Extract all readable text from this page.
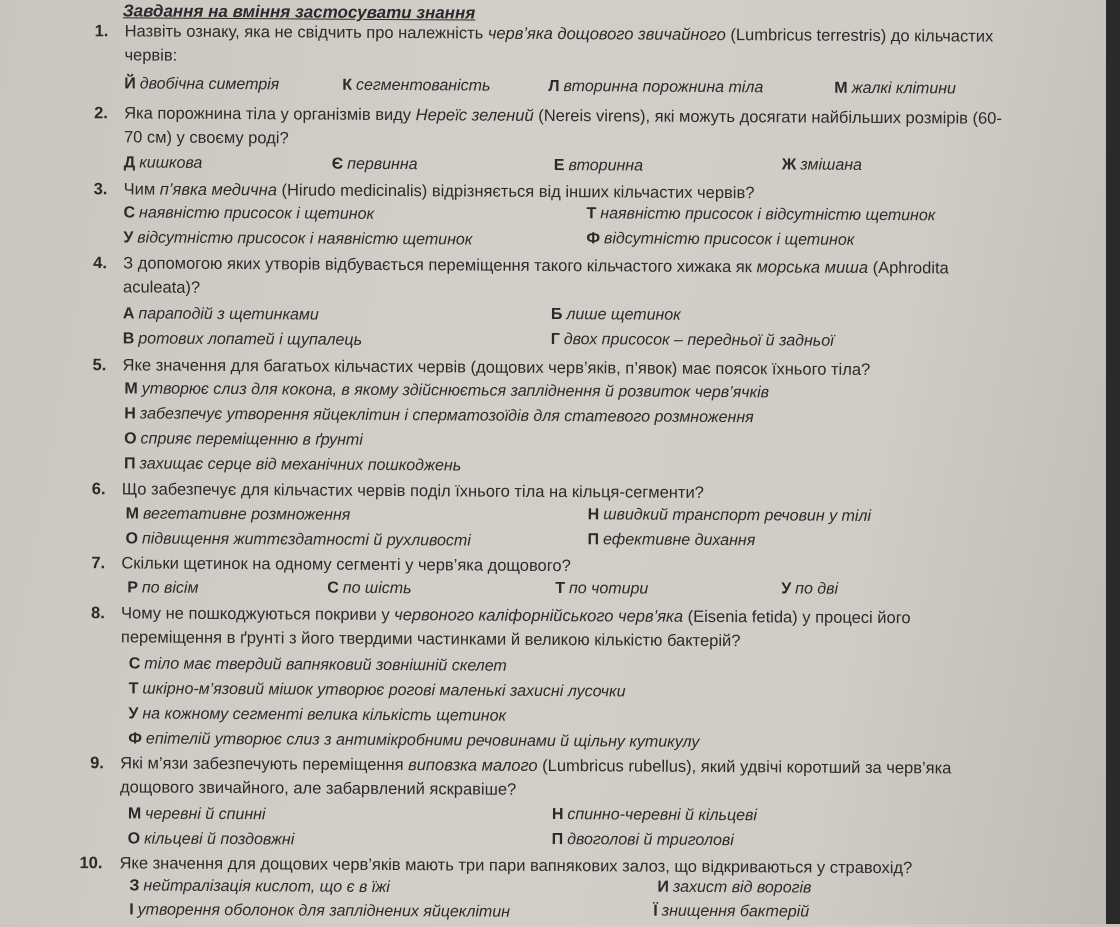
Завдання на вміння застосувати знання
1. Назвіть ознаку, яка не свідчить про належність черв’яка дощового звичайного (Lumbricus terrestris) до кільчастих червів:
Й двобічна симетрія	К сегментованість	Л вторинна порожнина тіла	М жалкі клітини
2. Яка порожнина тіла у організмів виду Нереїс зелений (Nereis virens), які можуть досягати найбільших розмірів (60-70 см) у своєму роді?
Д кишкова	Є первинна	Е вторинна	Ж змішана
3. Чим п’явка медична (Hirudo medicinalis) відрізняється від інших кільчастих червів?
С наявністю присосок і щетинок	Т наявністю присосок і відсутністю щетинок
У відсутністю присосок і наявністю щетинок	Ф відсутністю присосок і щетинок
4. З допомогою яких утворів відбувається переміщення такого кільчастого хижака як морська миша (Aphrodita aculeata)?
А параподій з щетинками	Б лише щетинок
В ротових лопатей і щупалець	Г двох присосок – передньої й задньої
5. Яке значення для багатьох кільчастих червів (дощових черв’яків, п’явок) має поясок їхнього тіла?
М утворює слиз для кокона, в якому здійснюється запліднення й розвиток черв’ячків
Н забезпечує утворення яйцеклітин і сперматозоїдів для статевого розмноження
О сприяє переміщенню в ґрунті
П захищає серце від механічних пошкоджень
6. Що забезпечує для кільчастих червів поділ їхнього тіла на кільця-сегменти?
М вегетативне розмноження	Н швидкий транспорт речовин у тілі
О підвищення життєздатності й рухливості	П ефективне дихання
7. Скільки щетинок на одному сегменті у черв’яка дощового?
Р по вісім	С по шість	Т по чотири	У по дві
8. Чому не пошкоджуються покриви у червоного каліфорнійського черв’яка (Eisenia fetida) у процесі його переміщення в ґрунті з його твердими частинками й великою кількістю бактерій?
С тіло має твердий вапняковий зовнішній скелет
Т шкірно-м’язовий мішок утворює рогові маленькі захисні лусочки
У на кожному сегменті велика кількість щетинок
Ф епітелій утворює слиз з антимікробними речовинами й щільну кутикулу
9. Які м’язи забезпечують переміщення виповзка малого (Lumbricus rubellus), який удвічі коротший за черв’яка дощового звичайного, але забарвлений яскравіше?
М черевні й спинні	Н спинно-черевні й кільцеві
О кільцеві й поздовжні	П двоголові й триголові
10. Яке значення для дощових черв’яків мають три пари вапнякових залоз, що відкриваються у стравохід?
З нейтралізація кислот, що є в їжі	И захист від ворогів
І утворення оболонок для запліднених яйцеклітин	Ї знищення бактерій
